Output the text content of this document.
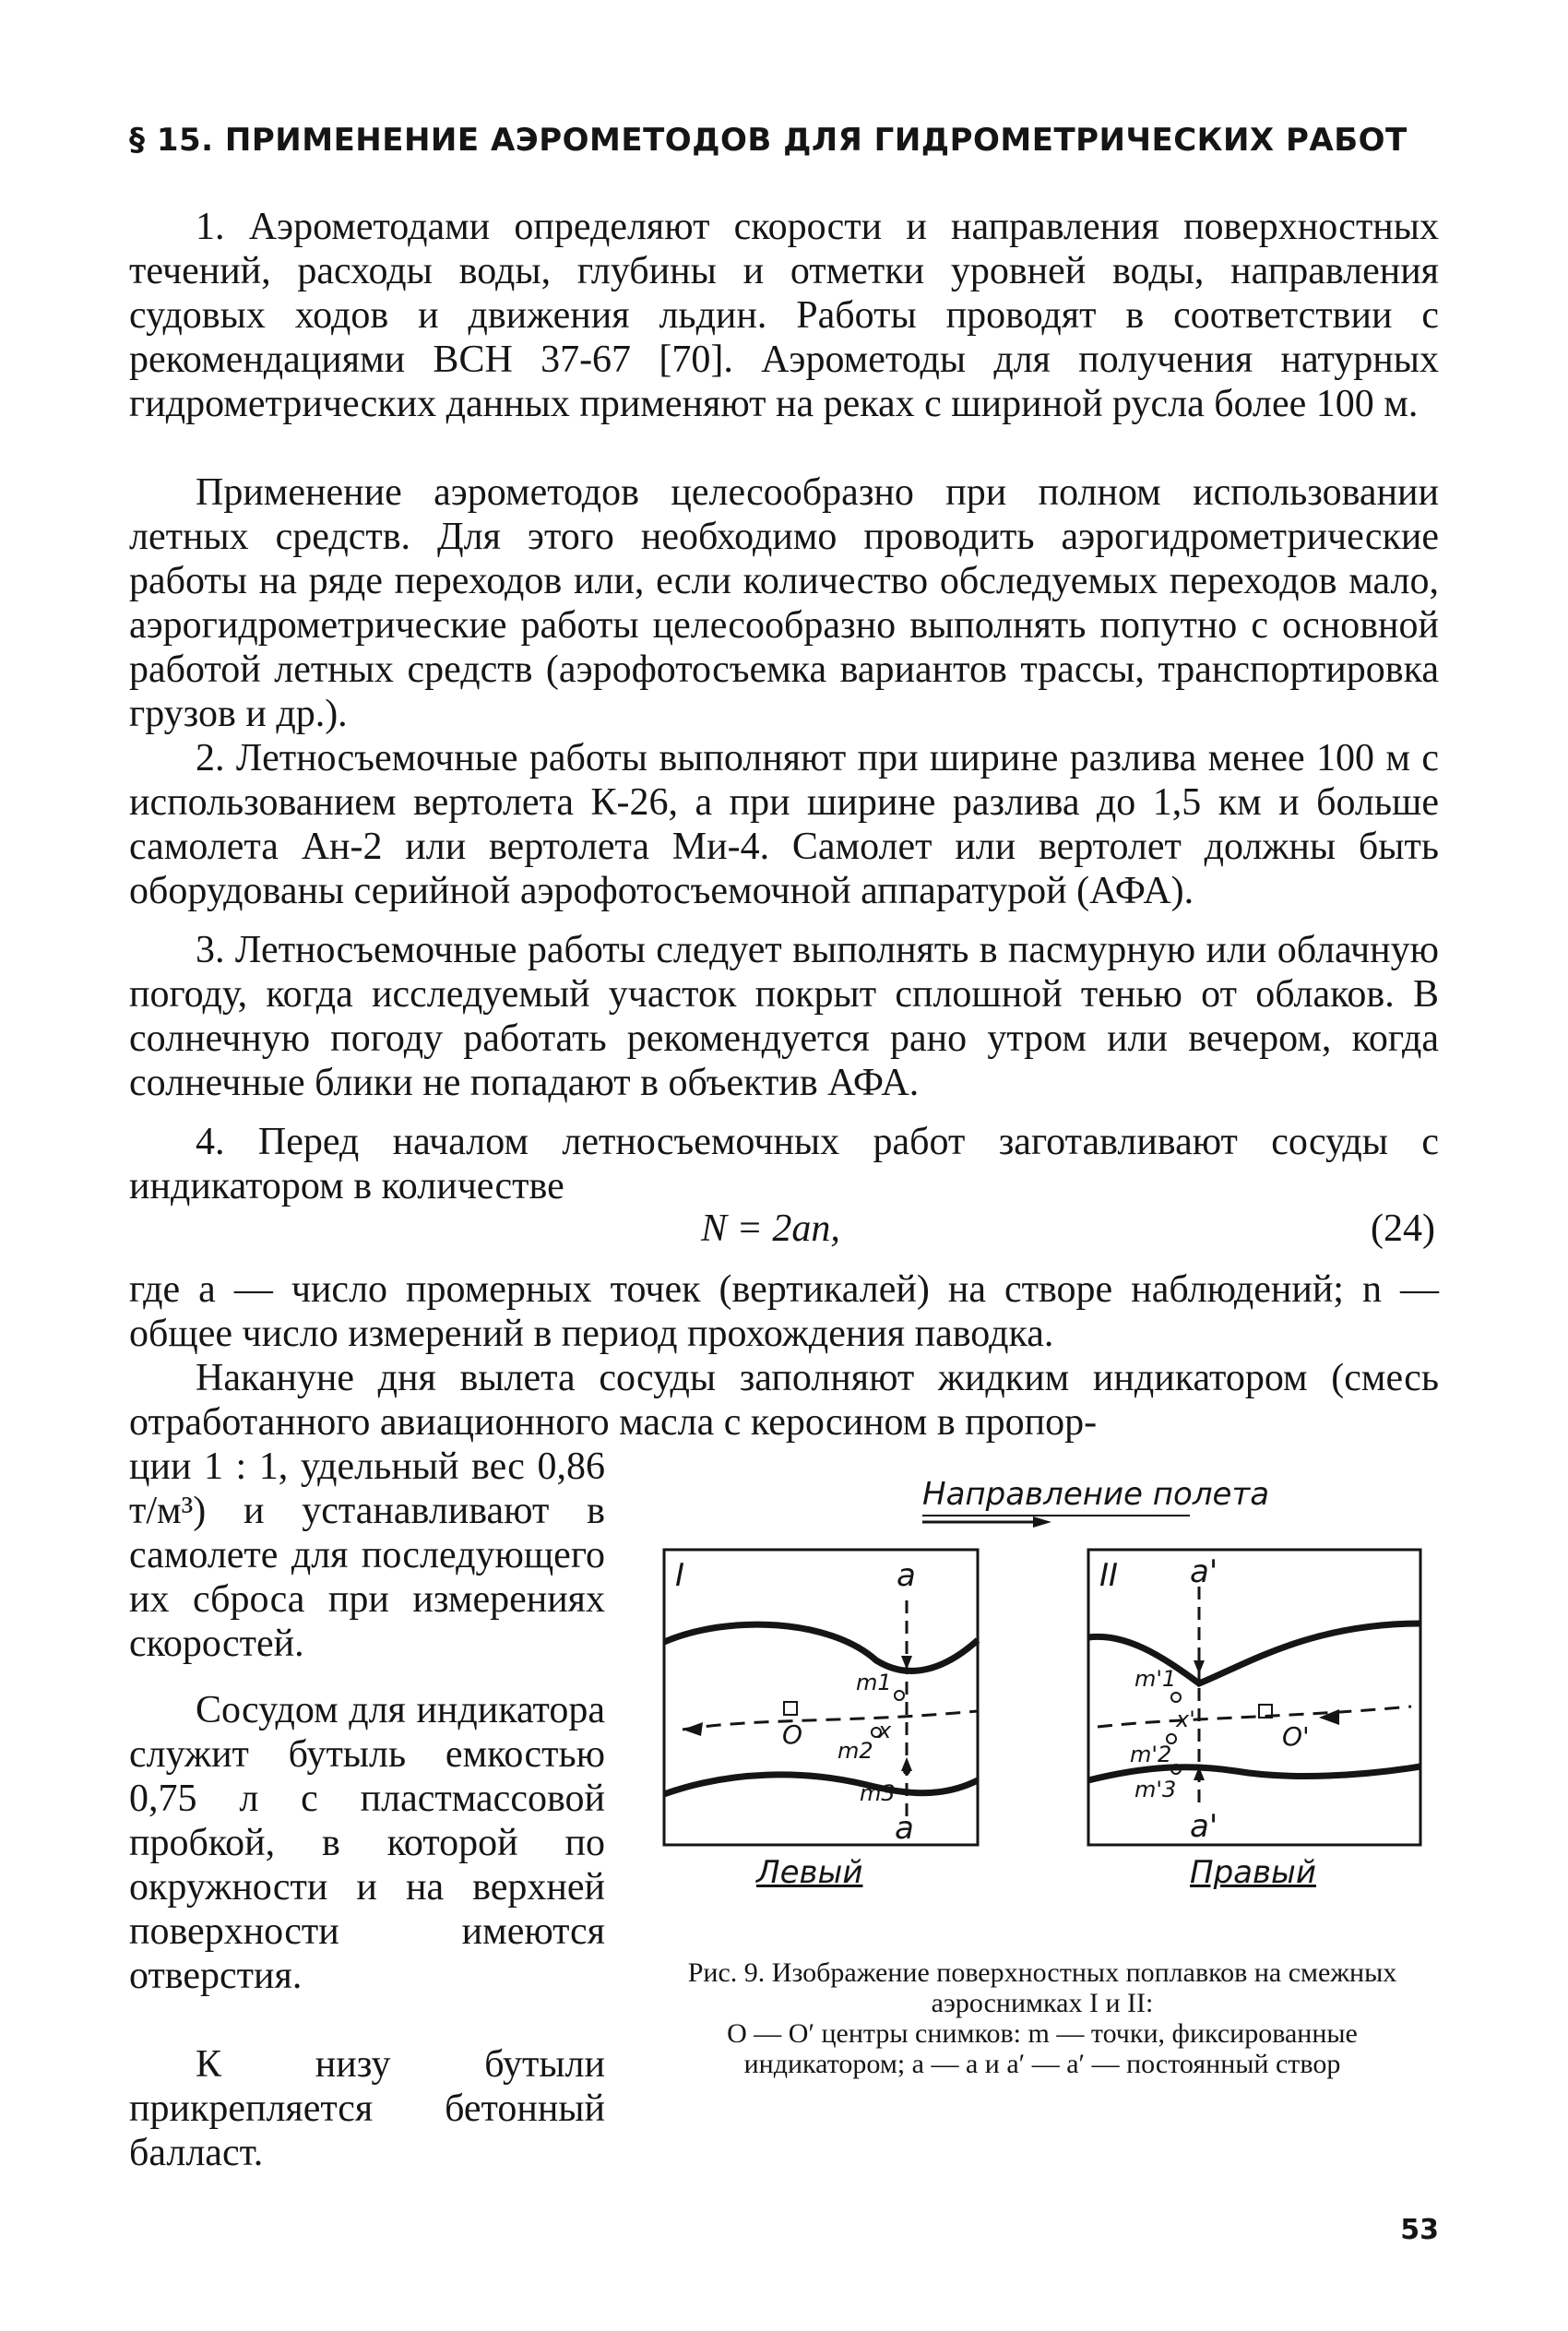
§ 15. ПРИМЕНЕНИЕ АЭРОМЕТОДОВ ДЛЯ ГИДРОМЕТРИЧЕСКИХ РАБОТ

1. Аэрометодами определяют скорости и направления поверхностных течений, расходы воды, глубины и отметки уровней воды, направления судовых ходов и движения льдин. Работы проводят в соответствии с рекомендациями ВСН 37-67 [70]. Аэрометоды для получения натурных гидрометрических данных применяют на реках с шириной русла более 100 м.

Применение аэрометодов целесообразно при полном использовании летных средств. Для этого необходимо проводить аэрогидрометрические работы на ряде переходов или, если количество обследуемых переходов мало, аэрогидрометрические работы целесообразно выполнять попутно с основной работой летных средств (аэрофотосъемка вариантов трассы, транспортировка грузов и др.).

2. Летносъемочные работы выполняют при ширине разлива менее 100 м с использованием вертолета К-26, а при ширине разлива до 1,5 км и больше самолета Ан-2 или вертолета Ми-4. Самолет или вертолет должны быть оборудованы серийной аэрофотосъемочной аппаратурой (АФА).

3. Летносъемочные работы следует выполнять в пасмурную или облачную погоду, когда исследуемый участок покрыт сплошной тенью от облаков. В солнечную погоду работать рекомендуется рано утром или вечером, когда солнечные блики не попадают в объектив АФА.

4. Перед началом летносъемочных работ заготавливают сосуды с индикатором в количестве

N = 2an,	(24)

где a — число промерных точек (вертикалей) на створе наблюдений; n — общее число измерений в период прохождения паводка.

Накануне дня вылета сосуды заполняют жидким индикатором (смесь отработанного авиационного масла с керосином в пропор-

ции 1 : 1, удельный вес 0,86 т/м³) и устанавливают в самолете для последующего их сброса при измерениях скоростей.

Сосудом для индикатора служит бутыль емкостью 0,75 л с пластмассовой пробкой, в которой по окружности и на верхней поверхности имеются отверстия.

К низу бутыли прикрепляется бетонный балласт.

Направление полета
I	a
a
O
m1
m2
m3
x
Левый
II a'
a'
O'
m'1
m'2
m'3
x'
Правый
Рис. 9. Изображение поверхностных поплавков на смежных аэроснимках I и II:
O — O′ центры снимков: m — точки, фиксированные индикатором; a — a и a′ — a′ — постоянный створ
53
